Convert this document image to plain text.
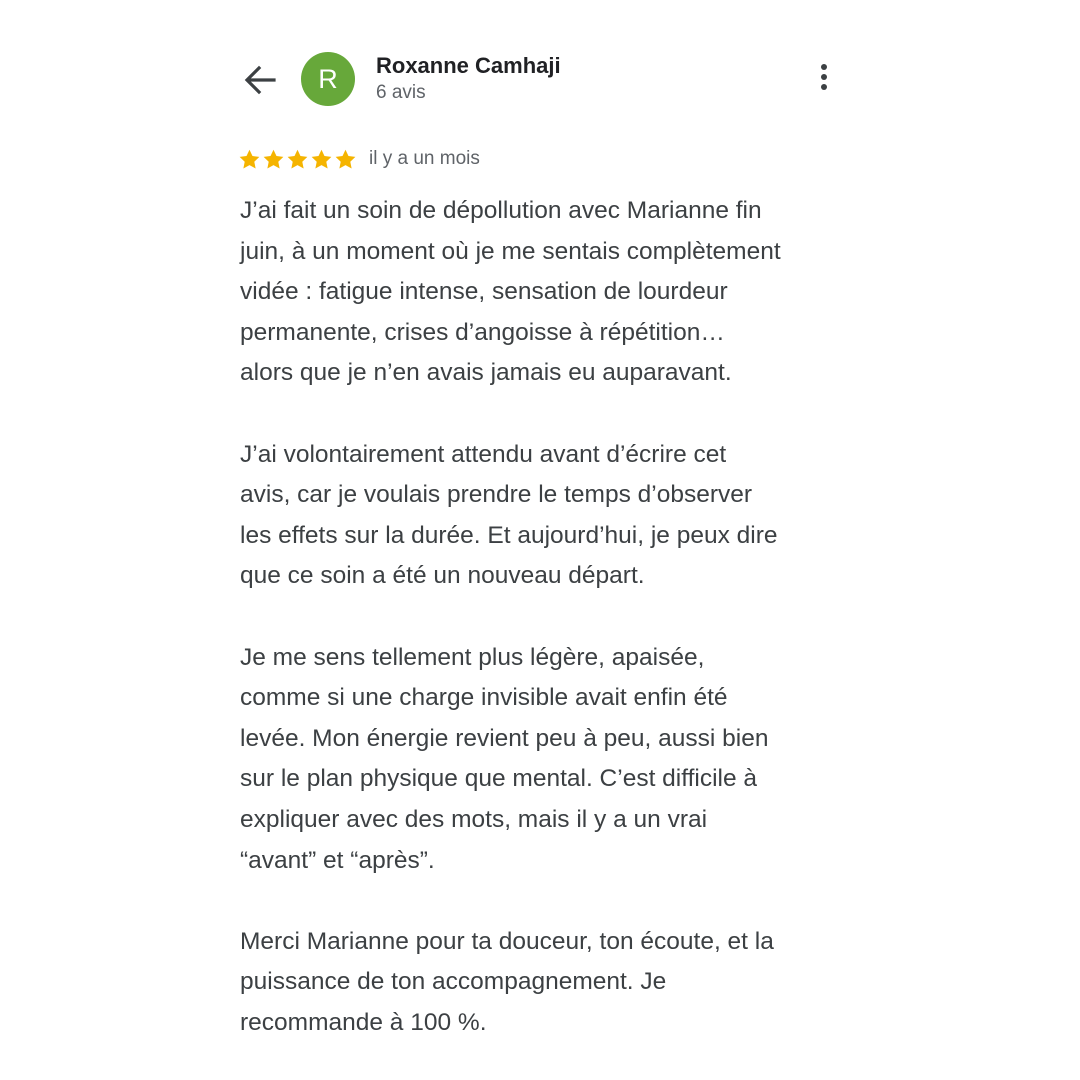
R	Roxanne Camhaji
6 avis
il y a un mois

J’ai fait un soin de dépollution avec Marianne fin
juin, à un moment où je me sentais complètement
vidée : fatigue intense, sensation de lourdeur
permanente, crises d’angoisse à répétition…
alors que je n’en avais jamais eu auparavant.

J’ai volontairement attendu avant d’écrire cet
avis, car je voulais prendre le temps d’observer
les effets sur la durée. Et aujourd’hui, je peux dire
que ce soin a été un nouveau départ.

Je me sens tellement plus légère, apaisée,
comme si une charge invisible avait enfin été
levée. Mon énergie revient peu à peu, aussi bien
sur le plan physique que mental. C’est difficile à
expliquer avec des mots, mais il y a un vrai
“avant” et “après”.

Merci Marianne pour ta douceur, ton écoute, et la
puissance de ton accompagnement. Je
recommande à 100 %.
